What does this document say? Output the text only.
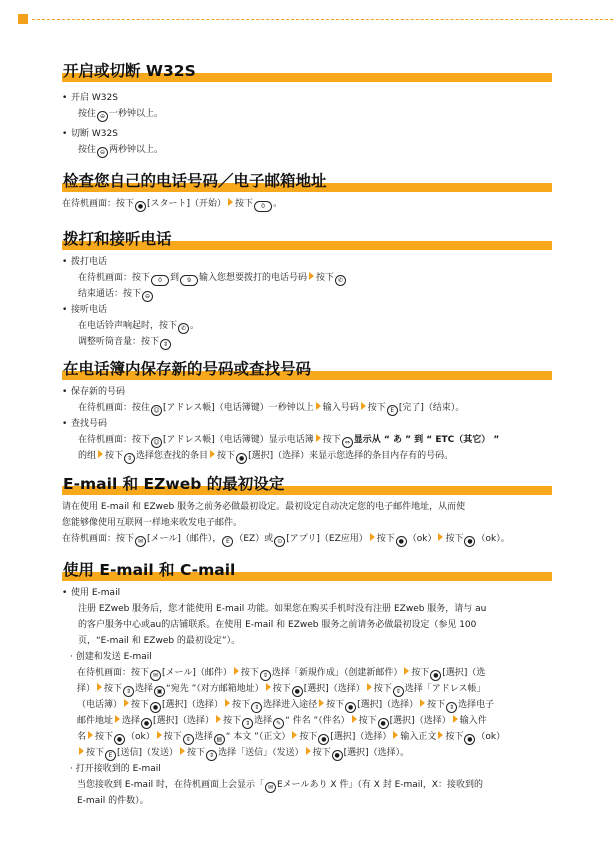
开启或切断 W32S
• 开启 W32S
按住 ⊖ 一秒钟以上。
• 切断 W32S
按住 ⊖ 两秒钟以上。
检查您自己的电话号码／电子邮箱地址
在待机画面：按下 ● [スタート]（开始） 按下 0 。
拨打和接听电话
• 拨打电话
在待机画面：按下 0 到 9 输入您想要拨打的电话号码 按下 ✆
结束通话：按下 ⊖
• 接听电话
在电话铃声响起时，按下 ✆ 。
调整听筒音量：按下 ⇕
在电话簿内保存新的号码或查找号码
• 保存新的号码
在待机画面：按住 ☺ [アドレス帳]（电话簿键）一秒钟以上 输入号码 按下 E [完了]（结束）。
• 查找号码
在待机画面：按下 ☺ [アドレス帳]（电话簿键）显示电话簿 按下 ⇔ 显示从 “ あ ” 到 “ ETC（其它） ”
的组 按下 ⇕ 选择您查找的条目 按下 ● [選択]（选择）来显示您选择的条目内存有的号码。
E-mail 和 EZweb 的最初设定
请在使用 E-mail 和 EZweb 服务之前务必做最初设定。最初设定自动决定您的电子邮件地址，从而使
您能够像使用互联网一样地来收发电子邮件。
在待机画面：按下 ✉ [メール]（邮件）， E （EZ）或 ⊙ [アプリ]（EZ应用） 按下 ● （ok） 按下 ● （ok）。
使用 E-mail 和 C-mail
• 使用 E-mail
注册 EZweb 服务后，您才能使用 E-mail 功能。如果您在购买手机时没有注册 EZweb 服务，请与 au
的客户服务中心或au的店铺联系。在使用 E-mail 和 EZweb 服务之前请务必做最初设定（参见 100
页，“E-mail 和 EZweb 的最初设定”）。
· 创建和发送 E-mail
在待机画面：按下 ✉ [メール]（邮件） 按下 ⇕ 选择「新規作成」（创建新邮件） 按下 ● [選択]（选
择） 按下 ⇕ 选择 ▣ “宛先 ”（对方邮箱地址） 按下 ● [選択]（选择） 按下 ⇕ 选择「アドレス帳」
（电话簿） 按下 ● [選択]（选择） 按下 ⇕ 选择进入途径 按下 ● [選択]（选择） 按下 ⇕ 选择电子
邮件地址 选择 ● [選択]（选择） 按下 ⇕ 选择 ✎ “ 件名 ”（件名） 按下 ● [選択]（选择） 输入件
名 按下 ● （ok） 按下 ⇕ 选择 ▤ “ 本文 ”（正文） 按下 ● [選択]（选择） 输入正文 按下 ● （ok）
按下 E [送信]（发送） 按下 ⇕ 选择「送信」（发送） 按下 ● [選択]（选择）。
· 打开接收到的 E-mail
当您接收到 E-mail 时，在待机画面上会显示「 ✉ Eメールあり X 件」（有 X 封 E-mail，X：接收到的
E-mail 的件数）。
